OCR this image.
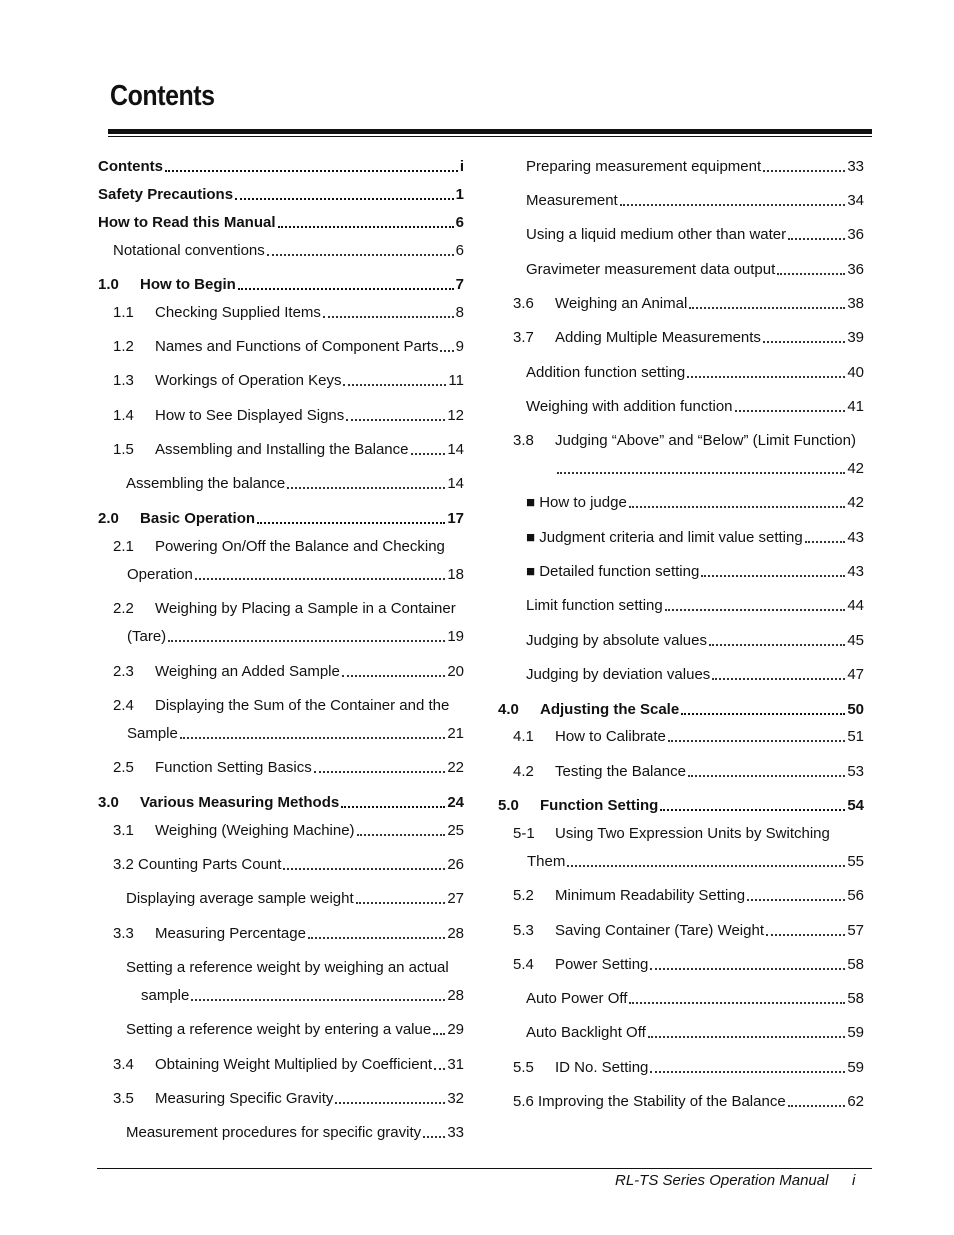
Contents
Contents	i
Safety Precautions	1
How to Read this Manual	6
Notational conventions	6
1.0	How to Begin	7
1.1	Checking Supplied Items	8
1.2	Names and Functions of Component Parts 9
1.3	Workings of Operation Keys	11
1.4	How to See Displayed Signs	12
1.5	Assembling and Installing the Balance	14
Assembling the balance	14
2.0	Basic Operation	17
2.1	Powering On/Off the Balance and Checking
Operation	18
2.2	Weighing by Placing a Sample in a Container
(Tare)	19
2.3	Weighing an Added Sample	20
2.4	Displaying the Sum of the Container and the
Sample	21
2.5	Function Setting Basics	22
3.0	Various Measuring Methods	24
3.1	Weighing (Weighing Machine)	25
3.2 Counting Parts Count	26
Displaying average sample weight	27
3.3	Measuring Percentage	28
Setting a reference weight by weighing an actual
sample	28
Setting a reference weight by entering a value 29
3.4	Obtaining Weight Multiplied by Coefficient 31
3.5	Measuring Specific Gravity	32
Measurement procedures for specific gravity 33
Preparing measurement equipment	33
Measurement	34
Using a liquid medium other than water	36
Gravimeter measurement data output	36
3.6	Weighing an Animal	38
3.7	Adding Multiple Measurements	39
Addition function setting	40
Weighing with addition function	41
3.8	Judging “Above” and “Below” (Limit Function)
42
■ How to judge	42
■ Judgment criteria and limit value setting	43
■ Detailed function setting	43
Limit function setting	44
Judging by absolute values	45
Judging by deviation values	47
4.0	Adjusting the Scale	50
4.1	How to Calibrate	51
4.2	Testing the Balance	53
5.0	Function Setting	54
5-1	Using Two Expression Units by Switching
Them	55
5.2	Minimum Readability Setting	56
5.3	Saving Container (Tare) Weight	57
5.4	Power Setting	58
Auto Power Off	58
Auto Backlight Off	59
5.5	ID No. Setting	59
5.6 Improving the Stability of the Balance	62
RL-TS Series Operation Manual i
